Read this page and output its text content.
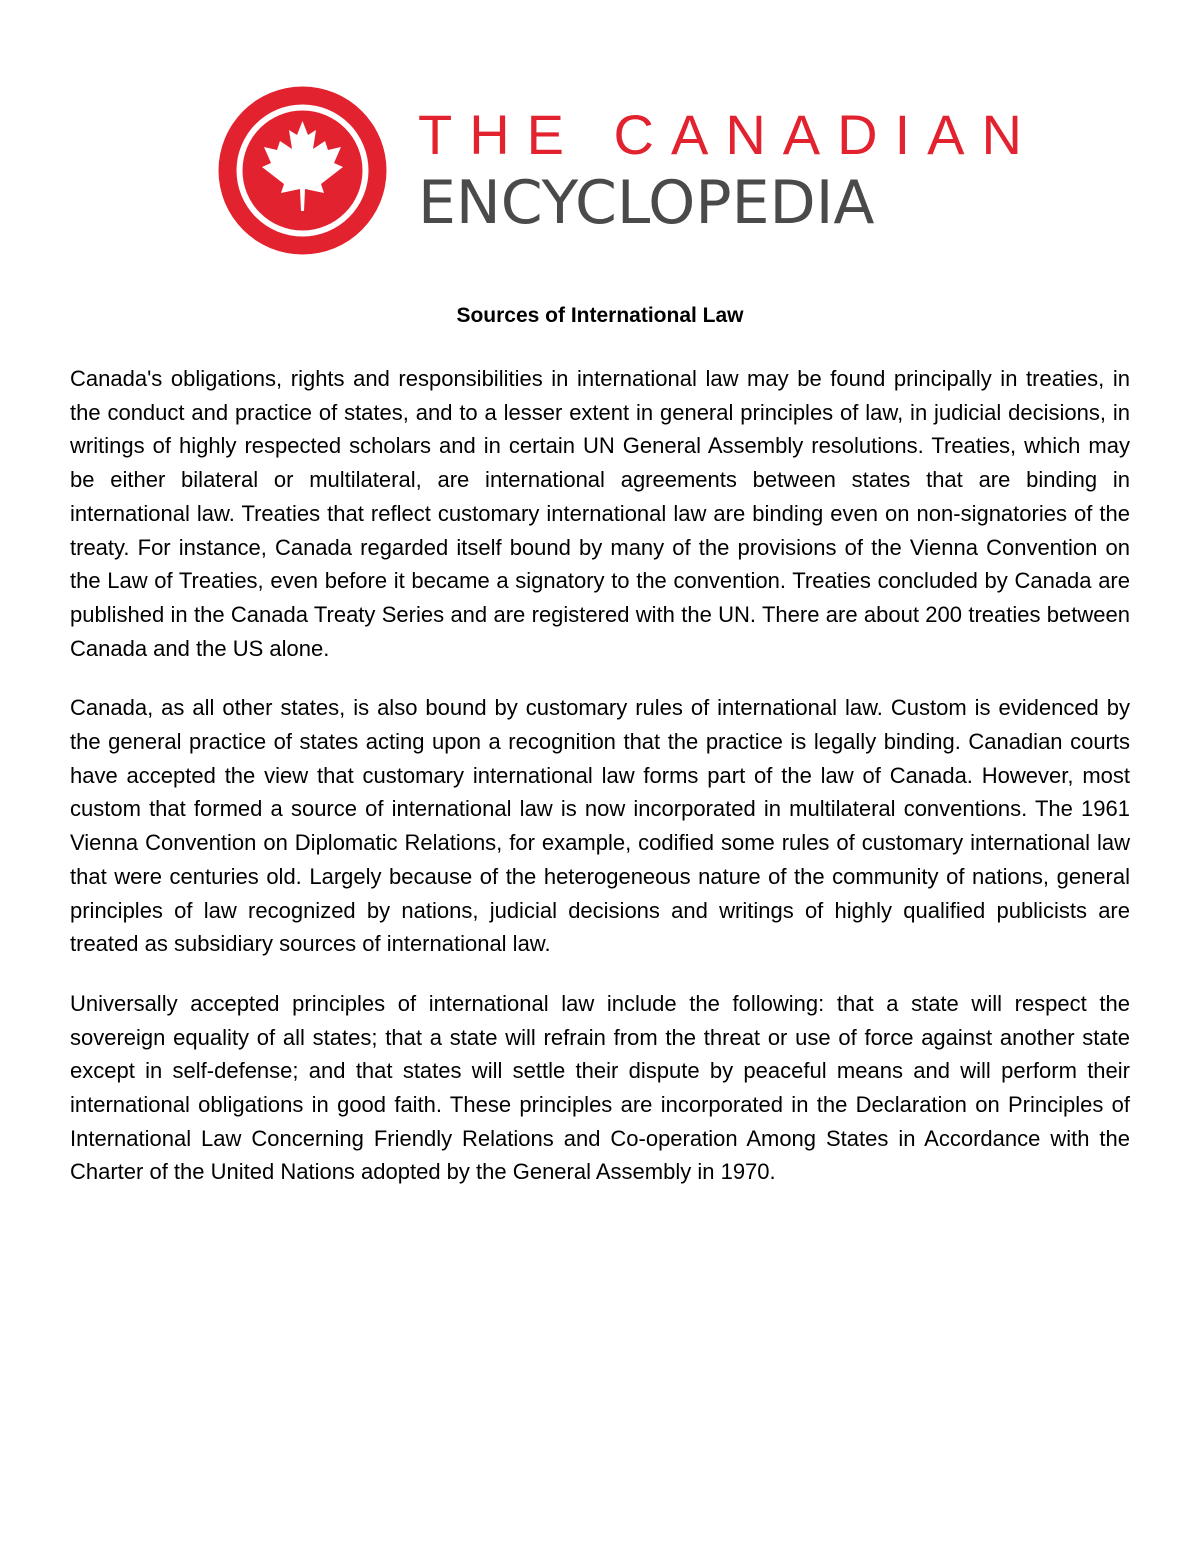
THE CANADIAN
ENCYCLOPEDIA
Sources of International Law

Canada's obligations, rights and responsibilities in international law may be found principally in treaties, in the conduct and practice of states, and to a lesser extent in general principles of law, in judicial decisions, in writings of highly respected scholars and in certain UN General Assembly resolutions. Treaties, which may be either bilateral or multilateral, are international agreements between states that are binding in international law. Treaties that reflect customary international law are binding even on non-signatories of the treaty. For instance, Canada regarded itself bound by many of the provisions of the Vienna Convention on the Law of Treaties, even before it became a signatory to the convention. Treaties concluded by Canada are published in the Canada Treaty Series and are registered with the UN. There are about 200 treaties between Canada and the US alone.

Canada, as all other states, is also bound by customary rules of international law. Custom is evidenced by the general practice of states acting upon a recognition that the practice is legally binding. Canadian courts have accepted the view that customary international law forms part of the law of Canada. However, most custom that formed a source of international law is now incorporated in multilateral conventions. The 1961 Vienna Convention on Diplomatic Relations, for example, codified some rules of customary international law that were centuries old. Largely because of the heterogeneous nature of the community of nations, general principles of law recognized by nations, judicial decisions and writings of highly qualified publicists are treated as subsidiary sources of international law.

Universally accepted principles of international law include the following: that a state will respect the sovereign equality of all states; that a state will refrain from the threat or use of force against another state except in self-defense; and that states will settle their dispute by peaceful means and will perform their international obligations in good faith. These principles are incorporated in the Declaration on Principles of International Law Concerning Friendly Relations and Co-operation Among States in Accordance with the Charter of the United Nations adopted by the General Assembly in 1970.
